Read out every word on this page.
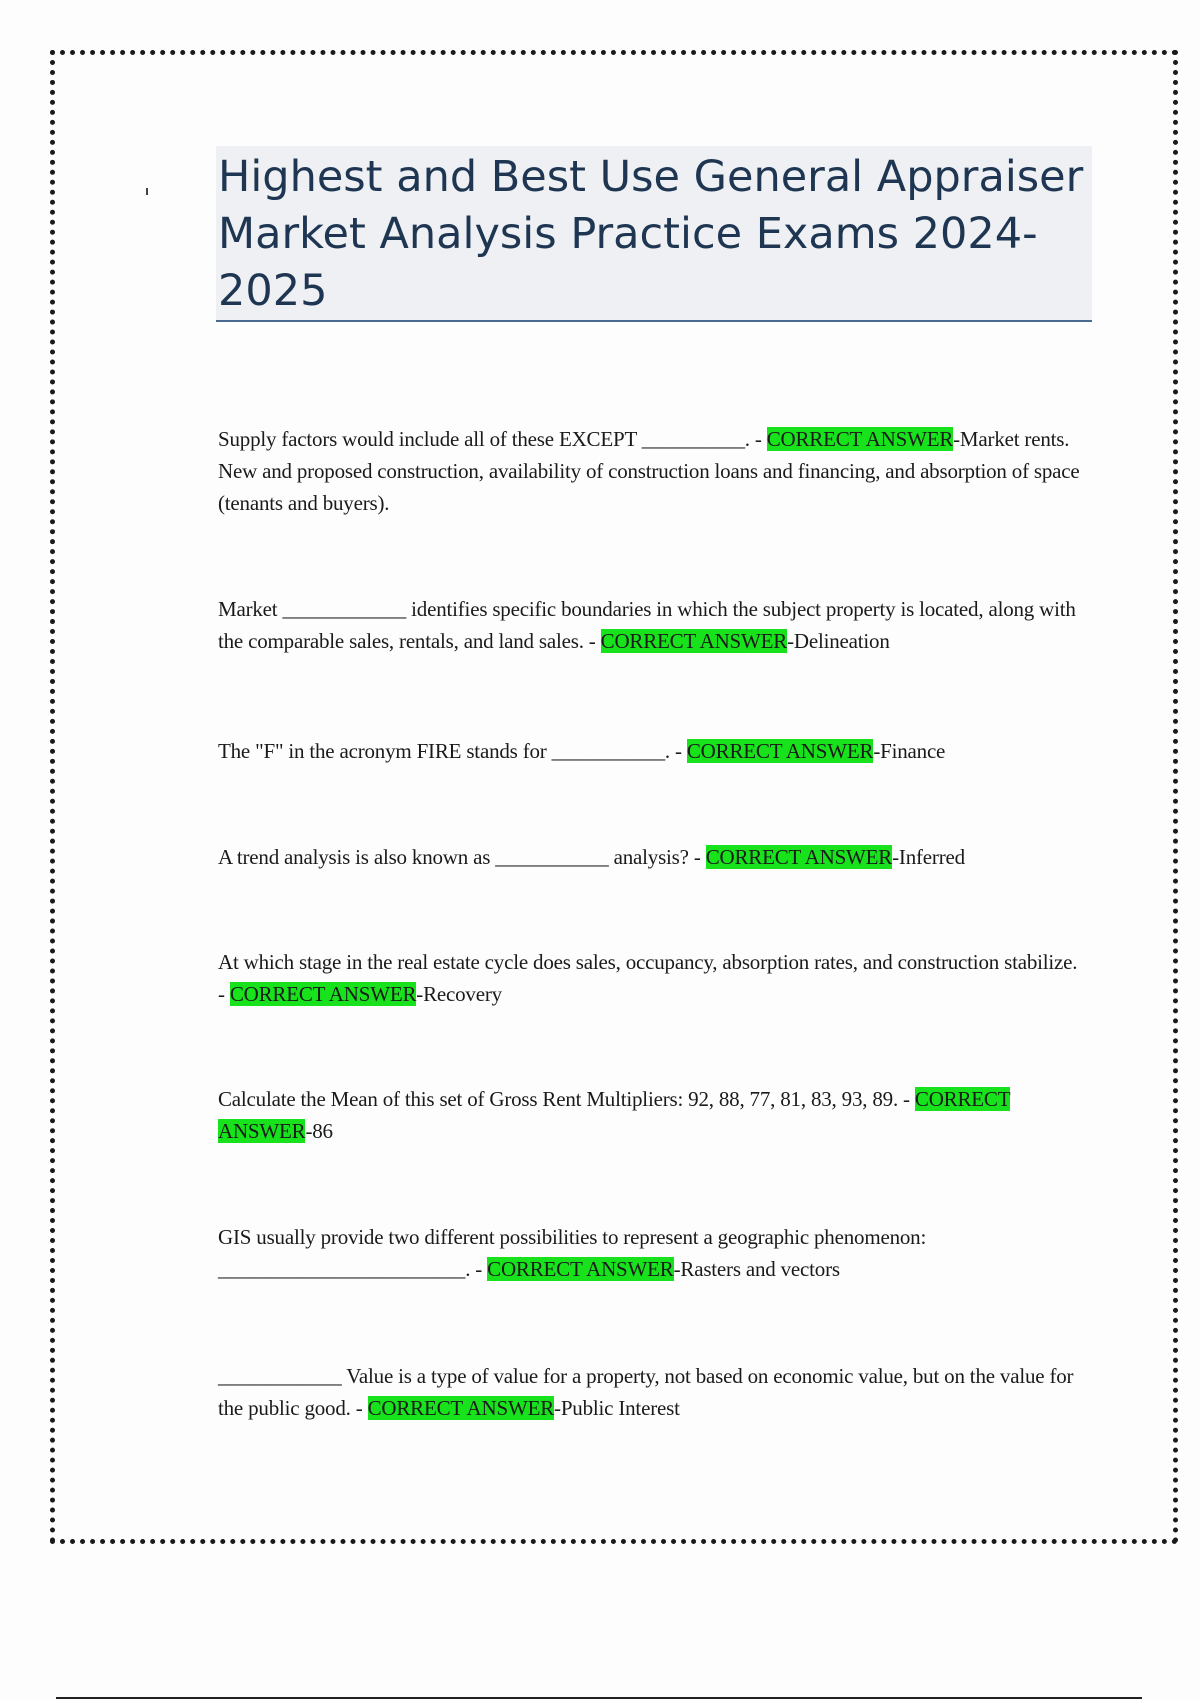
Highest and Best Use General Appraiser Market Analysis Practice Exams 2024-2025

Supply factors would include all of these EXCEPT __________. - CORRECT ANSWER-Market rents. New and proposed construction, availability of construction loans and financing, and absorption of space (tenants and buyers).

Market ____________ identifies specific boundaries in which the subject property is located, along with the comparable sales, rentals, and land sales. - CORRECT ANSWER-Delineation

The "F" in the acronym FIRE stands for ___________. - CORRECT ANSWER-Finance

A trend analysis is also known as ___________ analysis? - CORRECT ANSWER-Inferred

At which stage in the real estate cycle does sales, occupancy, absorption rates, and construction stabilize. - CORRECT ANSWER-Recovery

Calculate the Mean of this set of Gross Rent Multipliers: 92, 88, 77, 81, 83, 93, 89. - CORRECT ANSWER-86

GIS usually provide two different possibilities to represent a geographic phenomenon: ________________________. - CORRECT ANSWER-Rasters and vectors

____________ Value is a type of value for a property, not based on economic value, but on the value for the public good. - CORRECT ANSWER-Public Interest
